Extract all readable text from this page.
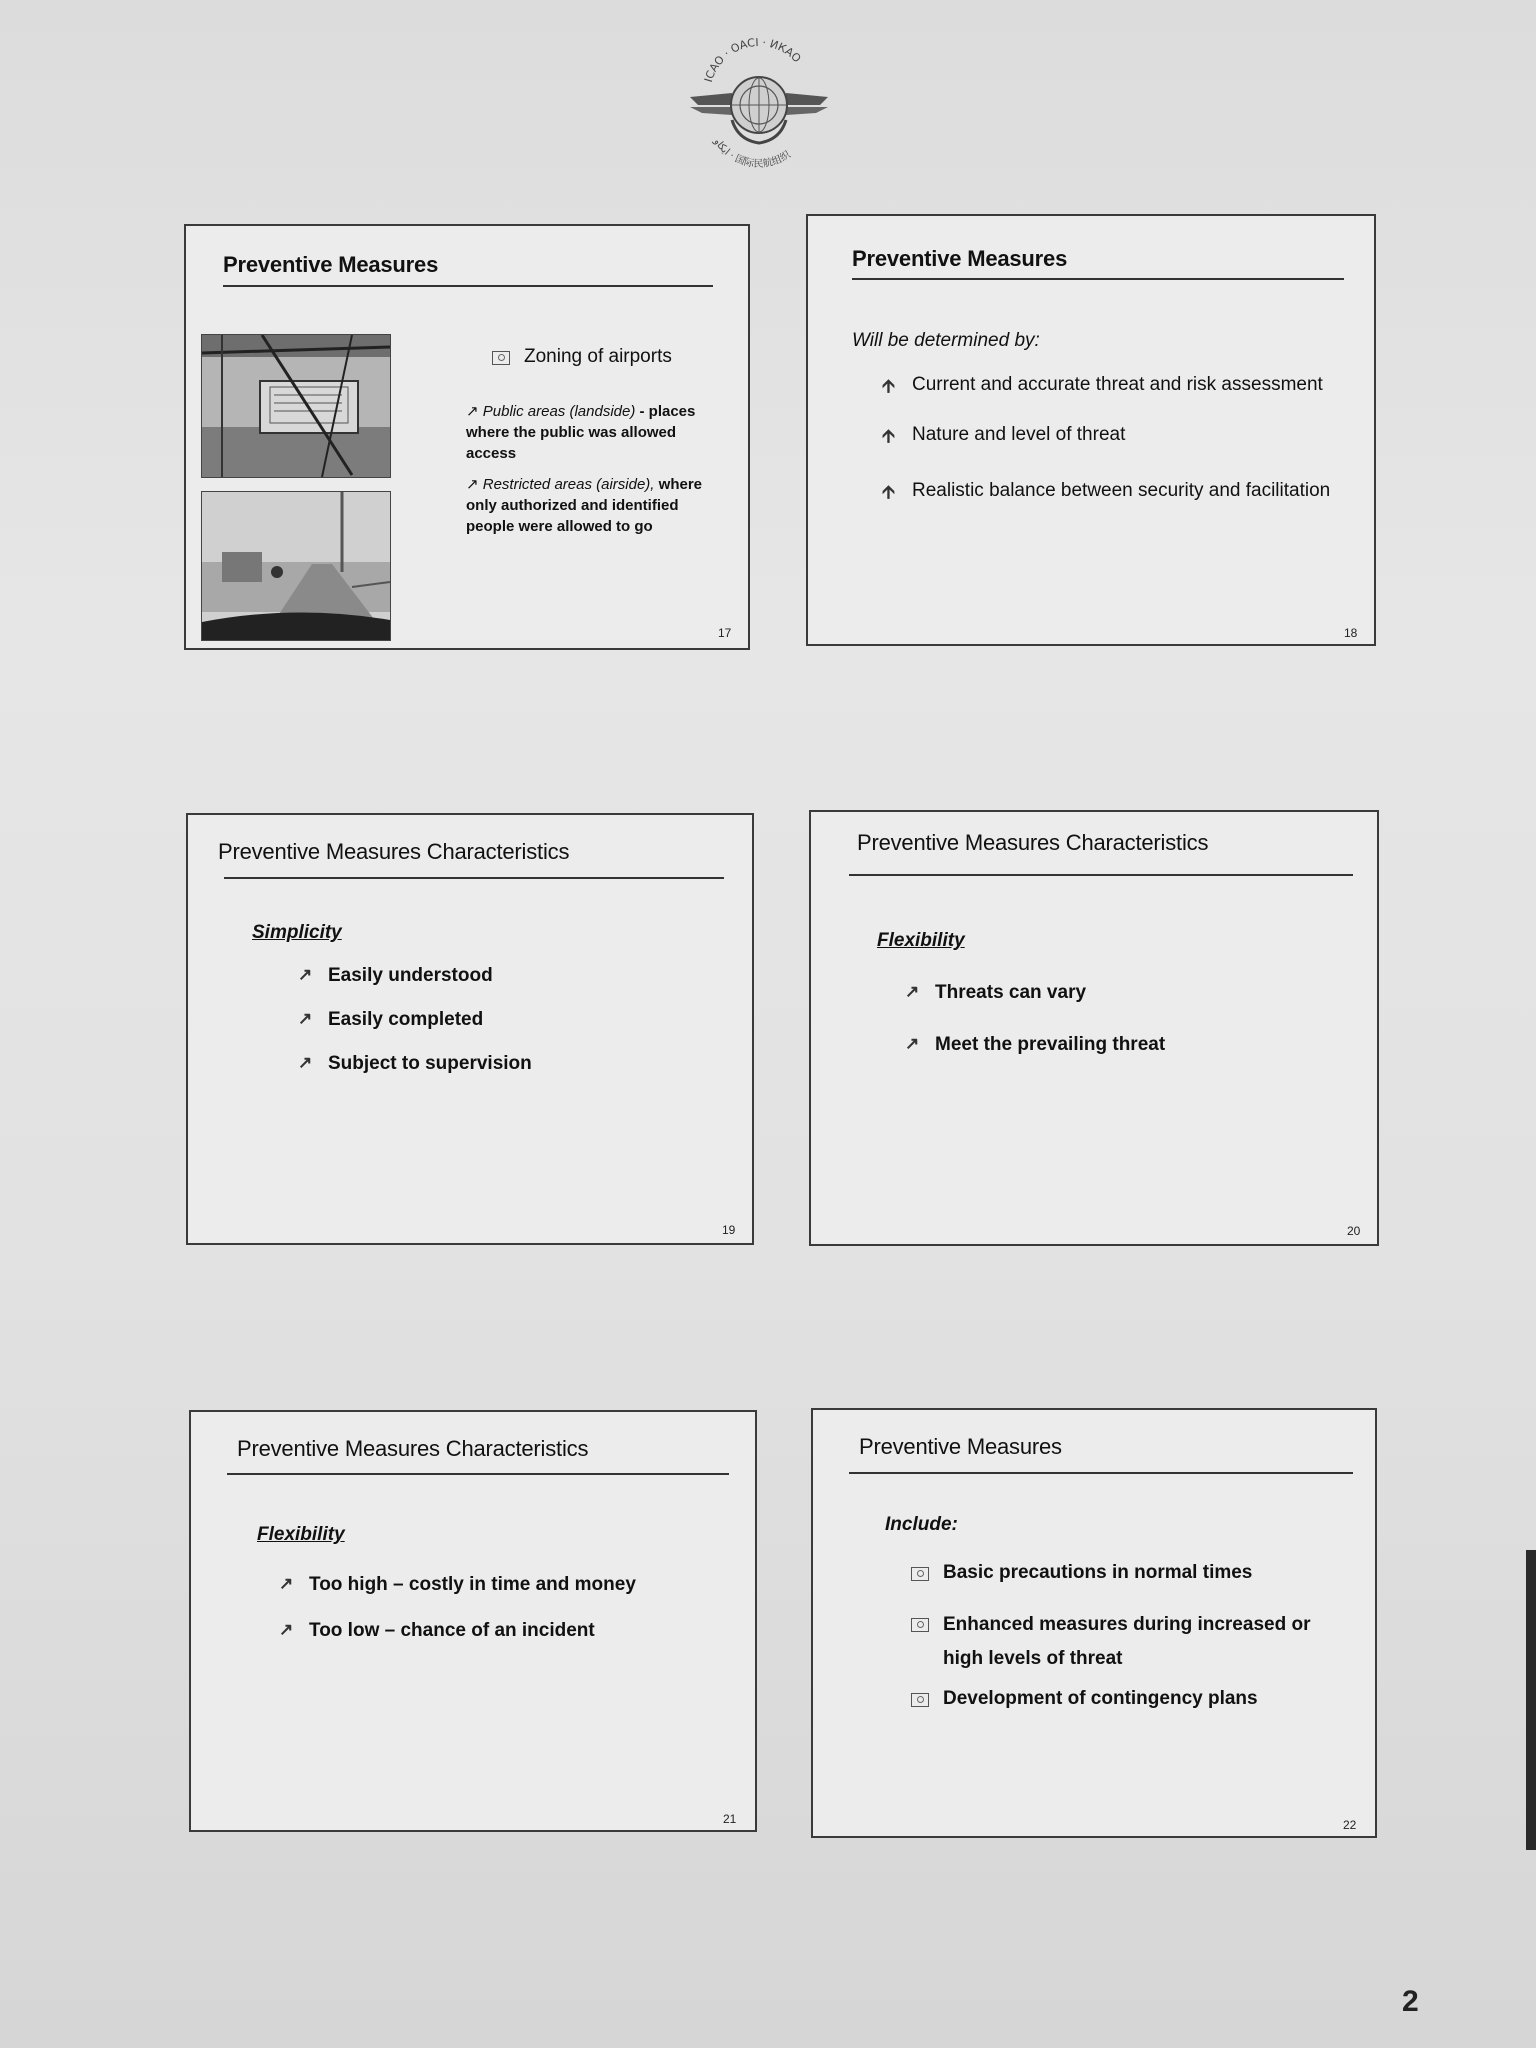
ICAO · OACI · ИКАО
ايكاو · 国际民航组织
Preventive Measures
Zoning of airports
↗ Public areas (landside) - places where the public was allowed access
↗ Restricted areas (airside), where only authorized and identified people were allowed to go
17
Preventive Measures
Will be determined by:
🡩 Current and accurate threat and risk assessment
🡩 Nature and level of threat
🡩 Realistic balance between security and facilitation
18
Preventive Measures Characteristics
Simplicity
↗ Easily understood
↗ Easily completed
↗ Subject to supervision
19
Preventive Measures Characteristics
Flexibility
↗ Threats can vary
↗ Meet the prevailing threat
20
Preventive Measures Characteristics
Flexibility
↗ Too high – costly in time and money
↗ Too low – chance of an incident
21
Preventive Measures
Include:
Basic precautions in normal times
Enhanced measures during increased or high levels of threat
Development of contingency plans
22
2
